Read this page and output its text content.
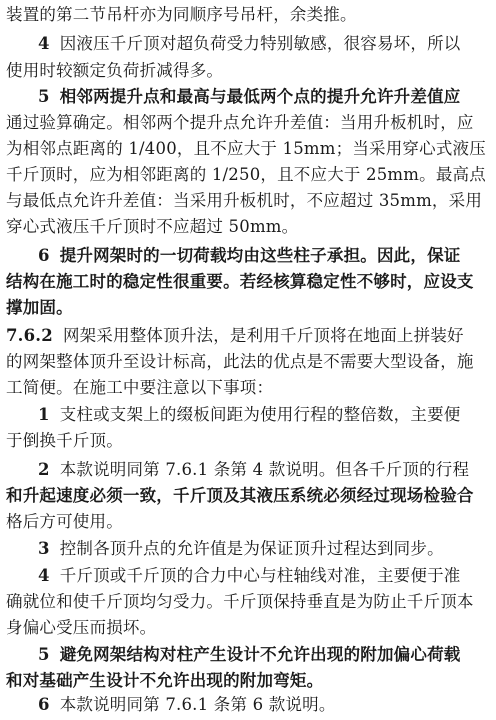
装置的第二节吊杆亦为同顺序号吊杆，余类推。
4 因液压千斤顶对超负荷受力特别敏感，很容易坏，所以
使用时较额定负荷折减得多。
5 相邻两提升点和最高与最低两个点的提升允许升差值应
通过验算确定。相邻两个提升点允许升差值：当用升板机时，应
为相邻点距离的 1/400，且不应大于 15mm；当采用穿心式液压
千斤顶时，应为相邻距离的 1/250，且不应大于 25mm。最高点
与最低点允许升差值：当采用升板机时，不应超过 35mm，采用
穿心式液压千斤顶时不应超过 50mm。
6 提升网架时的一切荷载均由这些柱子承担。因此，保证
结构在施工时的稳定性很重要。若经核算稳定性不够时，应设支
撑加固。
7.6.2 网架采用整体顶升法，是利用千斤顶将在地面上拼装好
的网架整体顶升至设计标高，此法的优点是不需要大型设备，施
工简便。在施工中要注意以下事项：
1 支柱或支架上的缀板间距为使用行程的整倍数，主要便
于倒换千斤顶。
2 本款说明同第 7.6.1 条第 4 款说明。但各千斤顶的行程
和升起速度必须一致，千斤顶及其液压系统必须经过现场检验合
格后方可使用。
3 控制各顶升点的允许值是为保证顶升过程达到同步。
4 千斤顶或千斤顶的合力中心与柱轴线对准，主要便于准
确就位和使千斤顶均匀受力。千斤顶保持垂直是为防止千斤顶本
身偏心受压而损坏。
5 避免网架结构对柱产生设计不允许出现的附加偏心荷载
和对基础产生设计不允许出现的附加弯矩。
6 本款说明同第 7.6.1 条第 6 款说明。
